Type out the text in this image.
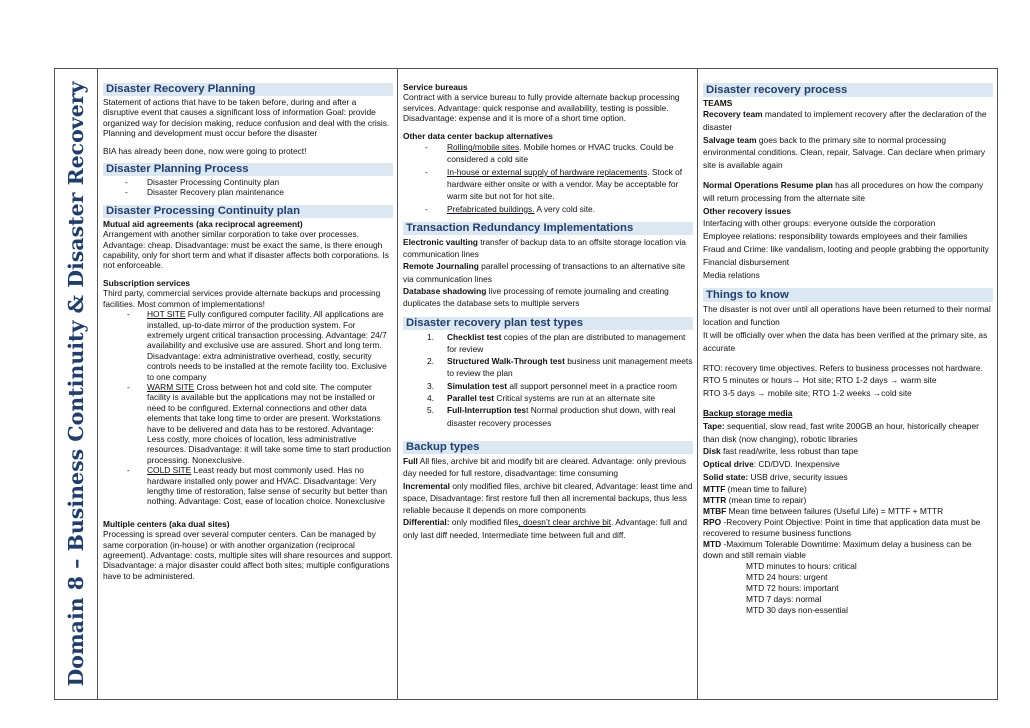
Domain 8 – Business Continuity & Disaster Recovery Disaster Recovery Planning

Statement of actions that have to be taken before, during and after a disruptive event that causes a significant loss of information Goal: provide organized way for decision making, reduce confusion and deal with the crisis. Planning and development must occur before the disaster

BIA has already been done, now were going to protect!

Disaster Planning Process
-	Disaster Processing Continuity plan
-	Disaster Recovery plan maintenance
Disaster Processing Continuity plan

Mutual aid agreements (aka reciprocal agreement)

Arrangement with another similar corporation to take over processes. Advantage: cheap. Disadvantage: must be exact the same, is there enough capability, only for short term and what if disaster affects both corporations. Is not enforceable.

Subscription services

Third party, commercial services provide alternate backups and processing facilities. Most common of implementations!

-	HOT SITE Fully configured computer facility. All applications are installed, up-to-date mirror of the production system. For extremely urgent critical transaction processing. Advantage: 24/7 availability and exclusive use are assured. Short and long term. Disadvantage: extra administrative overhead, costly, security controls needs to be installed at the remote facility too. Exclusive to one company
-	WARM SITE Cross between hot and cold site. The computer facility is available but the applications may not be installed or need to be configured. External connections and other data elements that take long time to order are present. Workstations have to be delivered and data has to be restored. Advantage: Less costly, more choices of location, less administrative resources. Disadvantage: it will take some time to start production processing. Nonexclusive.
-	COLD SITE Least ready but most commonly used. Has no hardware installed only power and HVAC. Disadvantage: Very lengthy time of restoration, false sense of security but better than nothing. Advantage: Cost, ease of location choice. Nonexclusive

Multiple centers (aka dual sites)

Processing is spread over several computer centers. Can be managed by same corporation (in-house) or with another organization (reciprocal agreement). Advantage: costs, multiple sites will share resources and support. Disadvantage: a major disaster could affect both sites; multiple configurations have to be administered.

Service bureaus

Contract with a service bureau to fully provide alternate backup processing services. Advantage: quick response and availability, testing is possible. Disadvantage: expense and it is more of a short time option.

Other data center backup alternatives

-	Rolling/mobile sites. Mobile homes or HVAC trucks. Could be considered a cold site
-	In-house or external supply of hardware replacements. Stock of hardware either onsite or with a vendor. May be acceptable for warm site but not for hot site.
-	Prefabricated buildings. A very cold site.
Transaction Redundancy Implementations

Electronic vaulting transfer of backup data to an offsite storage location via communication lines

Remote Journaling parallel processing of transactions to an alternative site via communication lines

Database shadowing live processing of remote journaling and creating duplicates the database sets to multiple servers

Disaster recovery plan test types
1.	Checklist test copies of the plan are distributed to management for review
2.	Structured Walk-Through test business unit management meets to review the plan
3.	Simulation test all support personnel meet in a practice room
4.	Parallel test Critical systems are run at an alternate site
5.	Full-Interruption test Normal production shut down, with real disaster recovery processes
Backup types

Full All files, archive bit and modify bit are cleared. Advantage: only previous day needed for full restore, disadvantage: time consuming

Incremental only modified files, archive bit cleared, Advantage: least time and space, Disadvantage: first restore full then all incremental backups, thus less reliable because it depends on more components

Differential: only modified files, doesn’t clear archive bit. Advantage: full and only last diff needed, Intermediate time between full and diff.

Disaster recovery process

TEAMS

Recovery team mandated to implement recovery after the declaration of the disaster

Salvage team goes back to the primary site to normal processing environmental conditions. Clean, repair, Salvage. Can declare when primary site is available again

Normal Operations Resume plan has all procedures on how the company will return processing from the alternate site

Other recovery issues

Interfacing with other groups: everyone outside the corporation

Employee relations: responsibility towards employees and their families

Fraud and Crime: like vandalism, looting and people grabbing the opportunity

Financial disbursement

Media relations

Things to know

The disaster is not over until all operations have been returned to their normal location and function

It will be officially over when the data has been verified at the primary site, as accurate

RTO: recovery time objectives. Refers to business processes not hardware.

RTO 5 minutes or hours→ Hot site; RTO 1-2 days → warm site

RTO 3-5 days → mobile site; RTO 1-2 weeks →cold site

Backup storage media

Tape: sequential, slow read, fast write 200GB an hour, historically cheaper than disk (now changing), robotic libraries

Disk fast read/write, less robust than tape

Optical drive: CD/DVD. Inexpensive

Solid state: USB drive, security issues

MTTF (mean time to failure)

MTTR (mean time to repair)

MTBF Mean time between failures (Useful Life) = MTTF + MTTR

RPO -Recovery Point Objective: Point in time that application data must be recovered to resume business functions

MTD -Maximum Tolerable Downtime: Maximum delay a business can be down and still remain viable

MTD minutes to hours: critical

MTD 24 hours: urgent

MTD 72 hours: important

MTD 7 days: normal

MTD 30 days non-essential
